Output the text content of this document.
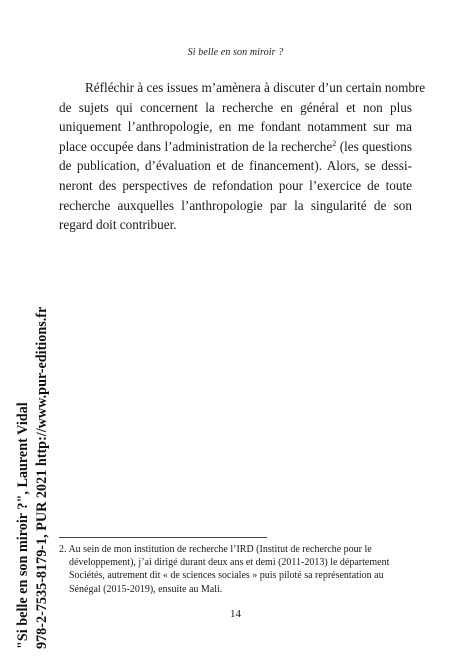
Si belle en son miroir ?
Réfléchir à ces issues m’amènera à discuter d’un certain nombre
de sujets qui concernent la recherche en général et non plus
uniquement l’anthropologie, en me fondant notamment sur ma
place occupée dans l’administration de la recherche$^2$ (les questions
de publication, d’évaluation et de financement). Alors, se dessi-
neront des perspectives de refondation pour l’exercice de toute
recherche auxquelles l’anthropologie par la singularité de son
regard doit contribuer.
2. Au sein de mon institution de recherche l’IRD (Institut de recherche pour le
développement), j’ai dirigé durant deux ans et demi (2011-2013) le département
Sociétés, autrement dit « de sciences sociales » puis piloté sa représentation au
Sénégal (2015-2019), ensuite au Mali.
14
"Si belle en son miroir ?", Laurent Vidal 978-2-7535-8179-1, PUR 2021 http://www.pur-editions.fr
